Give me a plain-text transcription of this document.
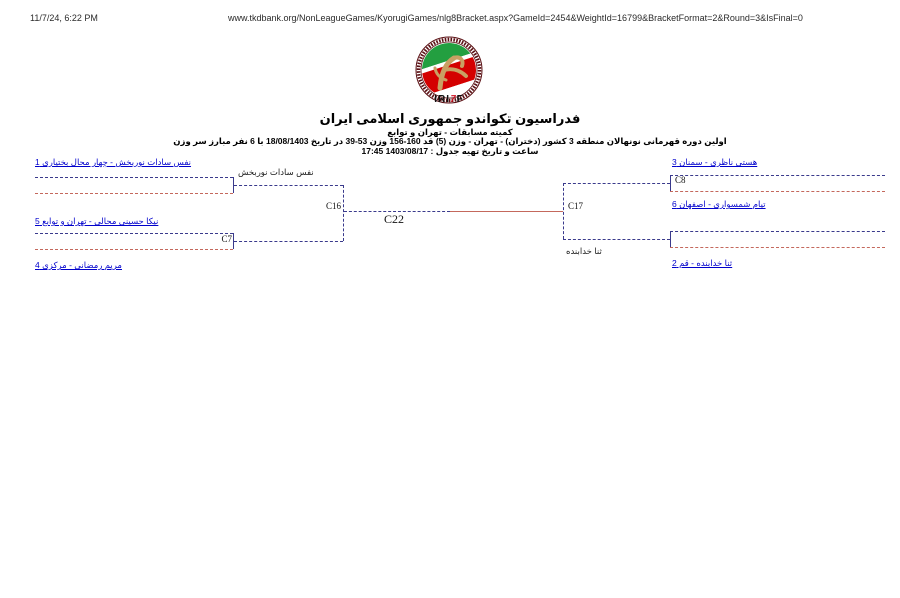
11/7/24, 6:22 PM	www.tkdbank.org/NonLeagueGames/KyorugiGames/nlg8Bracket.aspx?GameId=2454&WeightId=16799&BracketFormat=2&Round=3&IsFinal=0
IRI7F
فدراسیون تکواندو جمهوری اسلامی ایران
کمیته مسابقات - تهران و توابع
اولین دوره قهرمانی نونهالان منطقه 3 کشور (دختران) - تهران - وزن (5) قد 160-156 وزن 53-39 در تاریخ 18/08/1403 با 6 نفر مبارز سر وزن
ساعت و تاریخ تهیه جدول : 1403/08/17 17:45
نفس سادات نوربخش - چهار محال بختیاری 1
نیکا حسینی محالی - تهران و توابع 5
مریم رمضانی - مرکزی 4
نفس سادات نوربخش
C7
C16
C22
هستی ناظری - سمنان 3
تیام شمسواری - اصفهان 6
ثنا خدابنده - قم 2
ثنا خدابنده
C8
C17
